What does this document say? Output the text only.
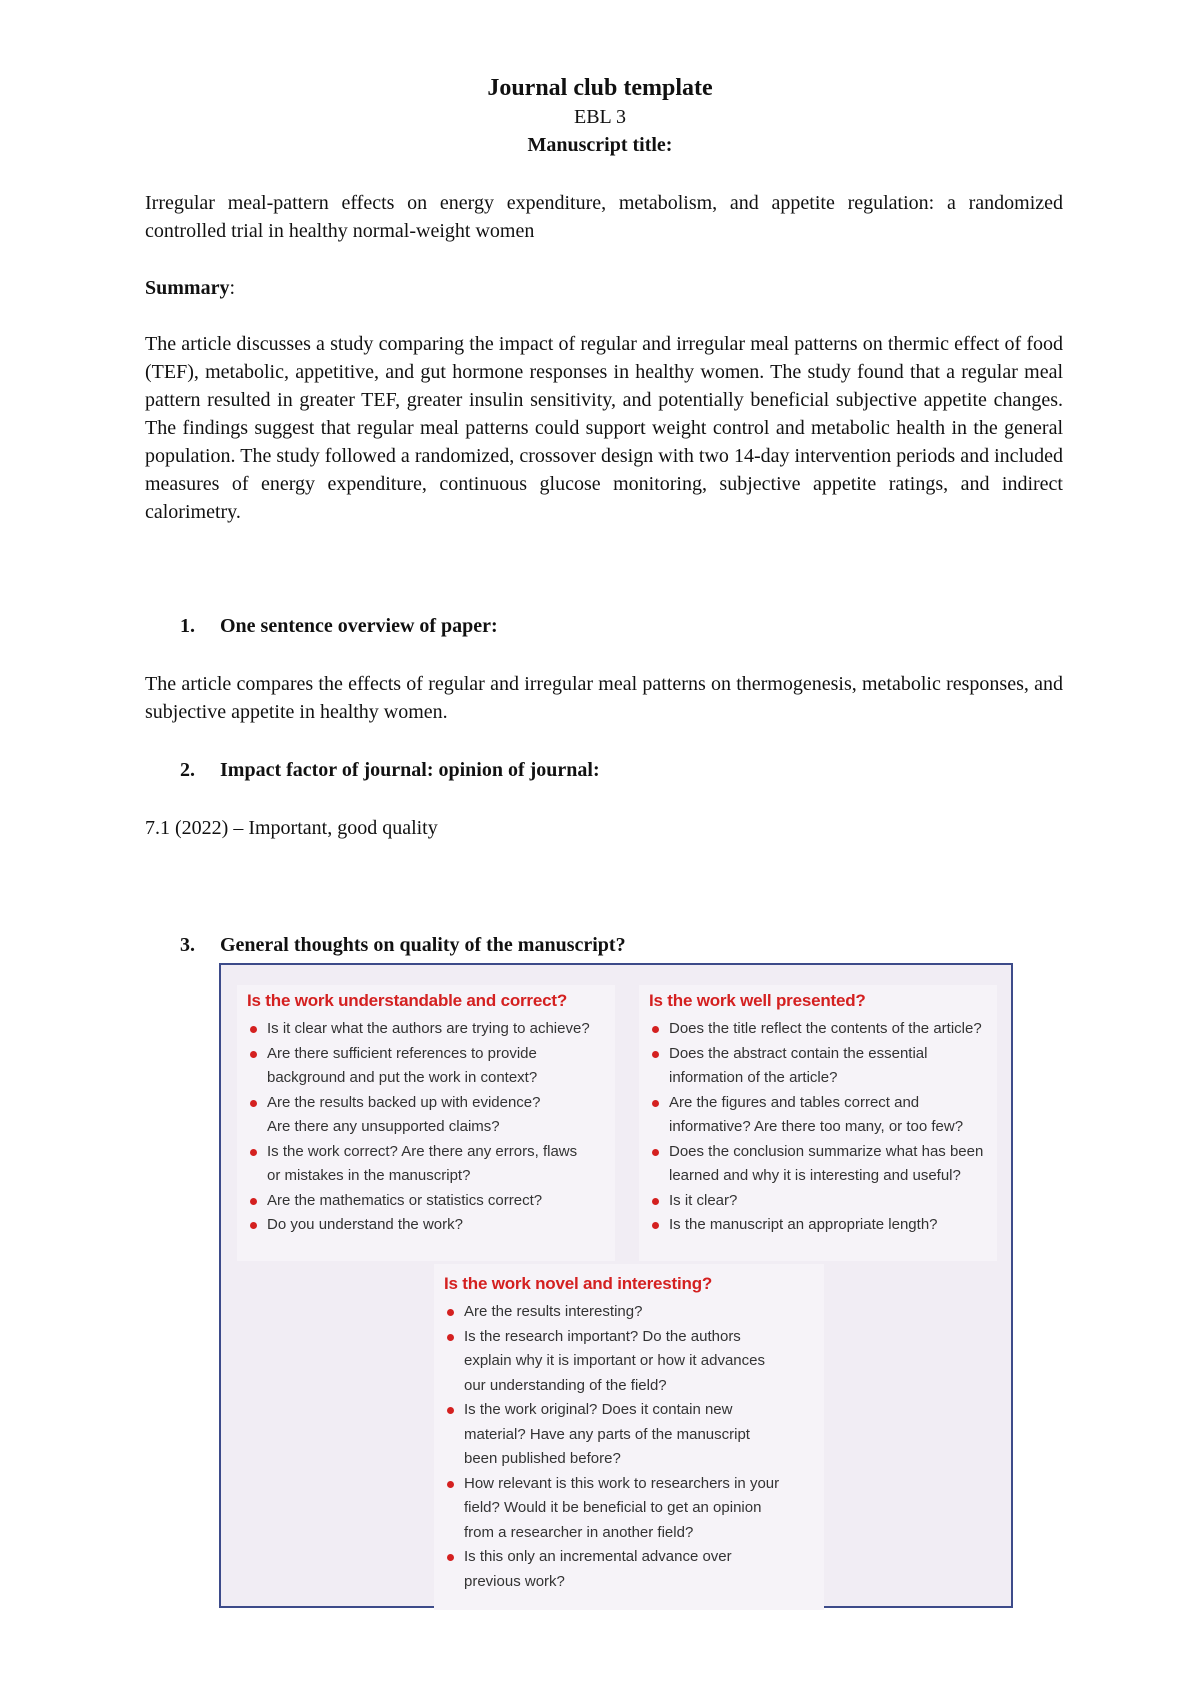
Journal club template
EBL 3
Manuscript title:

Irregular meal-pattern effects on energy expenditure, metabolism, and appetite regulation: a randomized controlled trial in healthy normal-weight women

Summary:

The article discusses a study comparing the impact of regular and irregular meal patterns on thermic effect of food (TEF), metabolic, appetitive, and gut hormone responses in healthy women. The study found that a regular meal pattern resulted in greater TEF, greater insulin sensitivity, and potentially beneficial subjective appetite changes. The findings suggest that regular meal patterns could support weight control and metabolic health in the general population. The study followed a randomized, crossover design with two 14-day intervention periods and included measures of energy expenditure, continuous glucose monitoring, subjective appetite ratings, and indirect calorimetry.

1. One sentence overview of paper:

The article compares the effects of regular and irregular meal patterns on thermogenesis, metabolic responses, and subjective appetite in healthy women.

2. Impact factor of journal: opinion of journal:
7.1 (2022) – Important, good quality
3. General thoughts on quality of the manuscript?
Is the work understandable and correct?
Is it clear what the authors are trying to achieve?
Are there sufficient references to provide
background and put the work in context?
Are the results backed up with evidence?
Are there any unsupported claims?
Is the work correct? Are there any errors, flaws
or mistakes in the manuscript?
Are the mathematics or statistics correct?
Do you understand the work?
Is the work well presented?
Does the title reflect the contents of the article?
Does the abstract contain the essential
information of the article?
Are the figures and tables correct and
informative? Are there too many, or too few?
Does the conclusion summarize what has been
learned and why it is interesting and useful?
Is it clear?
Is the manuscript an appropriate length?
Is the work novel and interesting?
Are the results interesting?
Is the research important? Do the authors
explain why it is important or how it advances
our understanding of the field?
Is the work original? Does it contain new
material? Have any parts of the manuscript
been published before?
How relevant is this work to researchers in your
field? Would it be beneficial to get an opinion
from a researcher in another field?
Is this only an incremental advance over
previous work?
